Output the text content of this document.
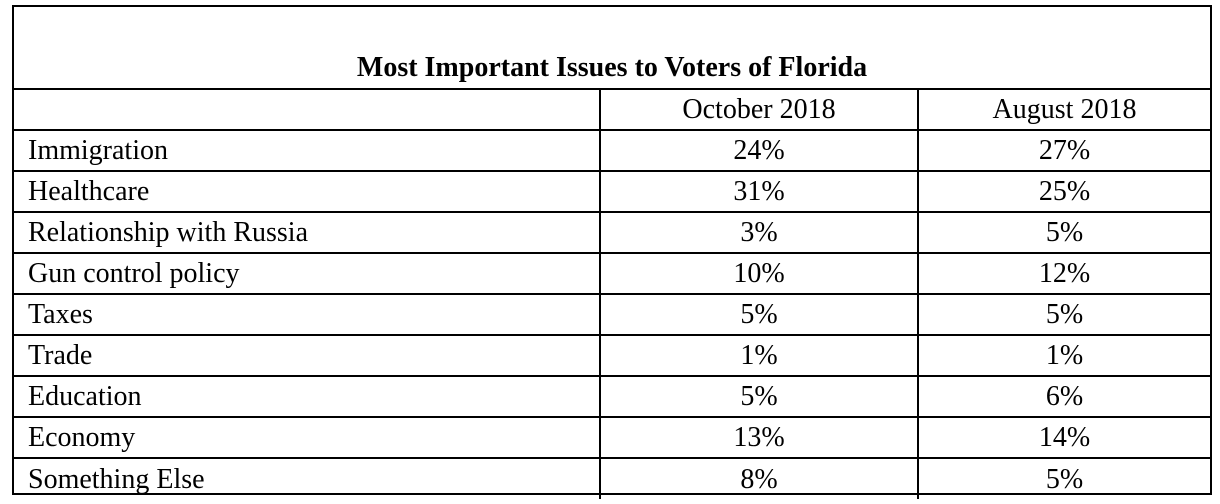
Most Important Issues to Voters of Florida
	October 2018	August 2018
Immigration	24%	27%
Healthcare	31%	25%
Relationship with Russia	3%	5%
Gun control policy	10%	12%
Taxes	5%	5%
Trade	1%	1%
Education	5%	6%
Economy	13%	14%
Something Else	8%	5%
